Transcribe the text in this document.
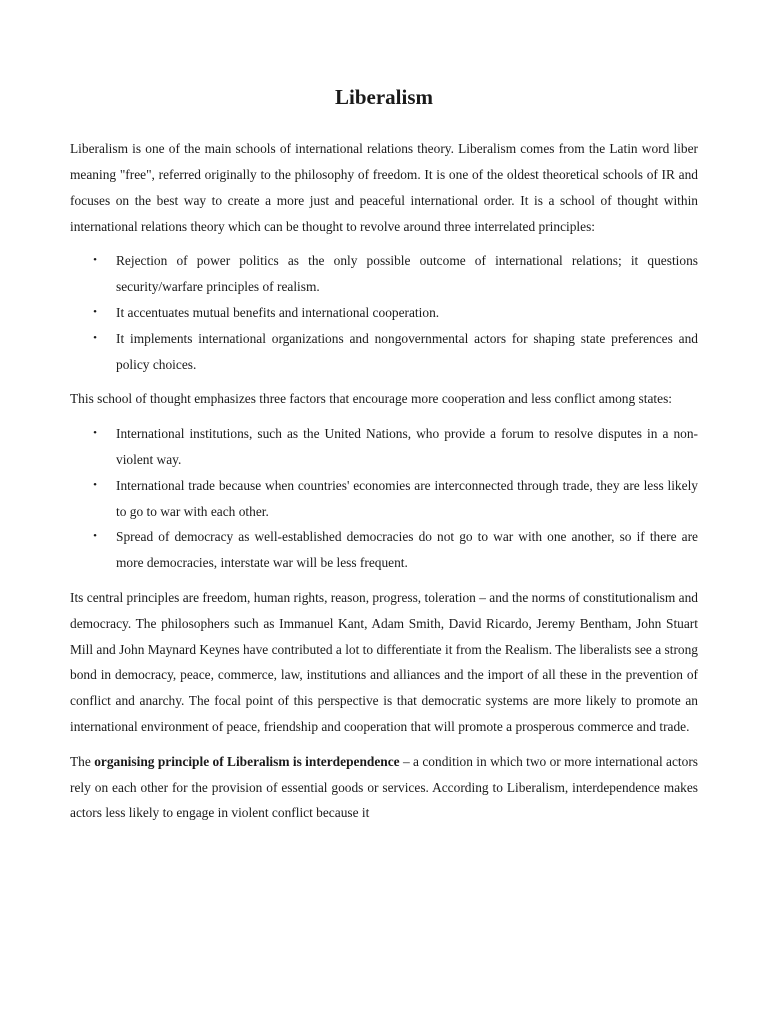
Liberalism

Liberalism is one of the main schools of international relations theory. Liberalism comes from the Latin word liber meaning "free", referred originally to the philosophy of freedom. It is one of the oldest theoretical schools of IR and focuses on the best way to create a more just and peaceful international order. It is a school of thought within international relations theory which can be thought to revolve around three interrelated principles:

• Rejection of power politics as the only possible outcome of international relations; it questions security/warfare principles of realism.
• It accentuates mutual benefits and international cooperation.
• It implements international organizations and nongovernmental actors for shaping state preferences and policy choices.

This school of thought emphasizes three factors that encourage more cooperation and less conflict among states:

• International institutions, such as the United Nations, who provide a forum to resolve disputes in a non-violent way.
• International trade because when countries' economies are interconnected through trade, they are less likely to go to war with each other.
• Spread of democracy as well-established democracies do not go to war with one another, so if there are more democracies, interstate war will be less frequent.

Its central principles are freedom, human rights, reason, progress, toleration – and the norms of constitutionalism and democracy. The philosophers such as Immanuel Kant, Adam Smith, David Ricardo, Jeremy Bentham, John Stuart Mill and John Maynard Keynes have contributed a lot to differentiate it from the Realism. The liberalists see a strong bond in democracy, peace, commerce, law, institutions and alliances and the import of all these in the prevention of conflict and anarchy. The focal point of this perspective is that democratic systems are more likely to promote an international environment of peace, friendship and cooperation that will promote a prosperous commerce and trade.

The organising principle of Liberalism is interdependence – a condition in which two or more international actors rely on each other for the provision of essential goods or services. According to Liberalism, interdependence makes actors less likely to engage in violent conflict because it
